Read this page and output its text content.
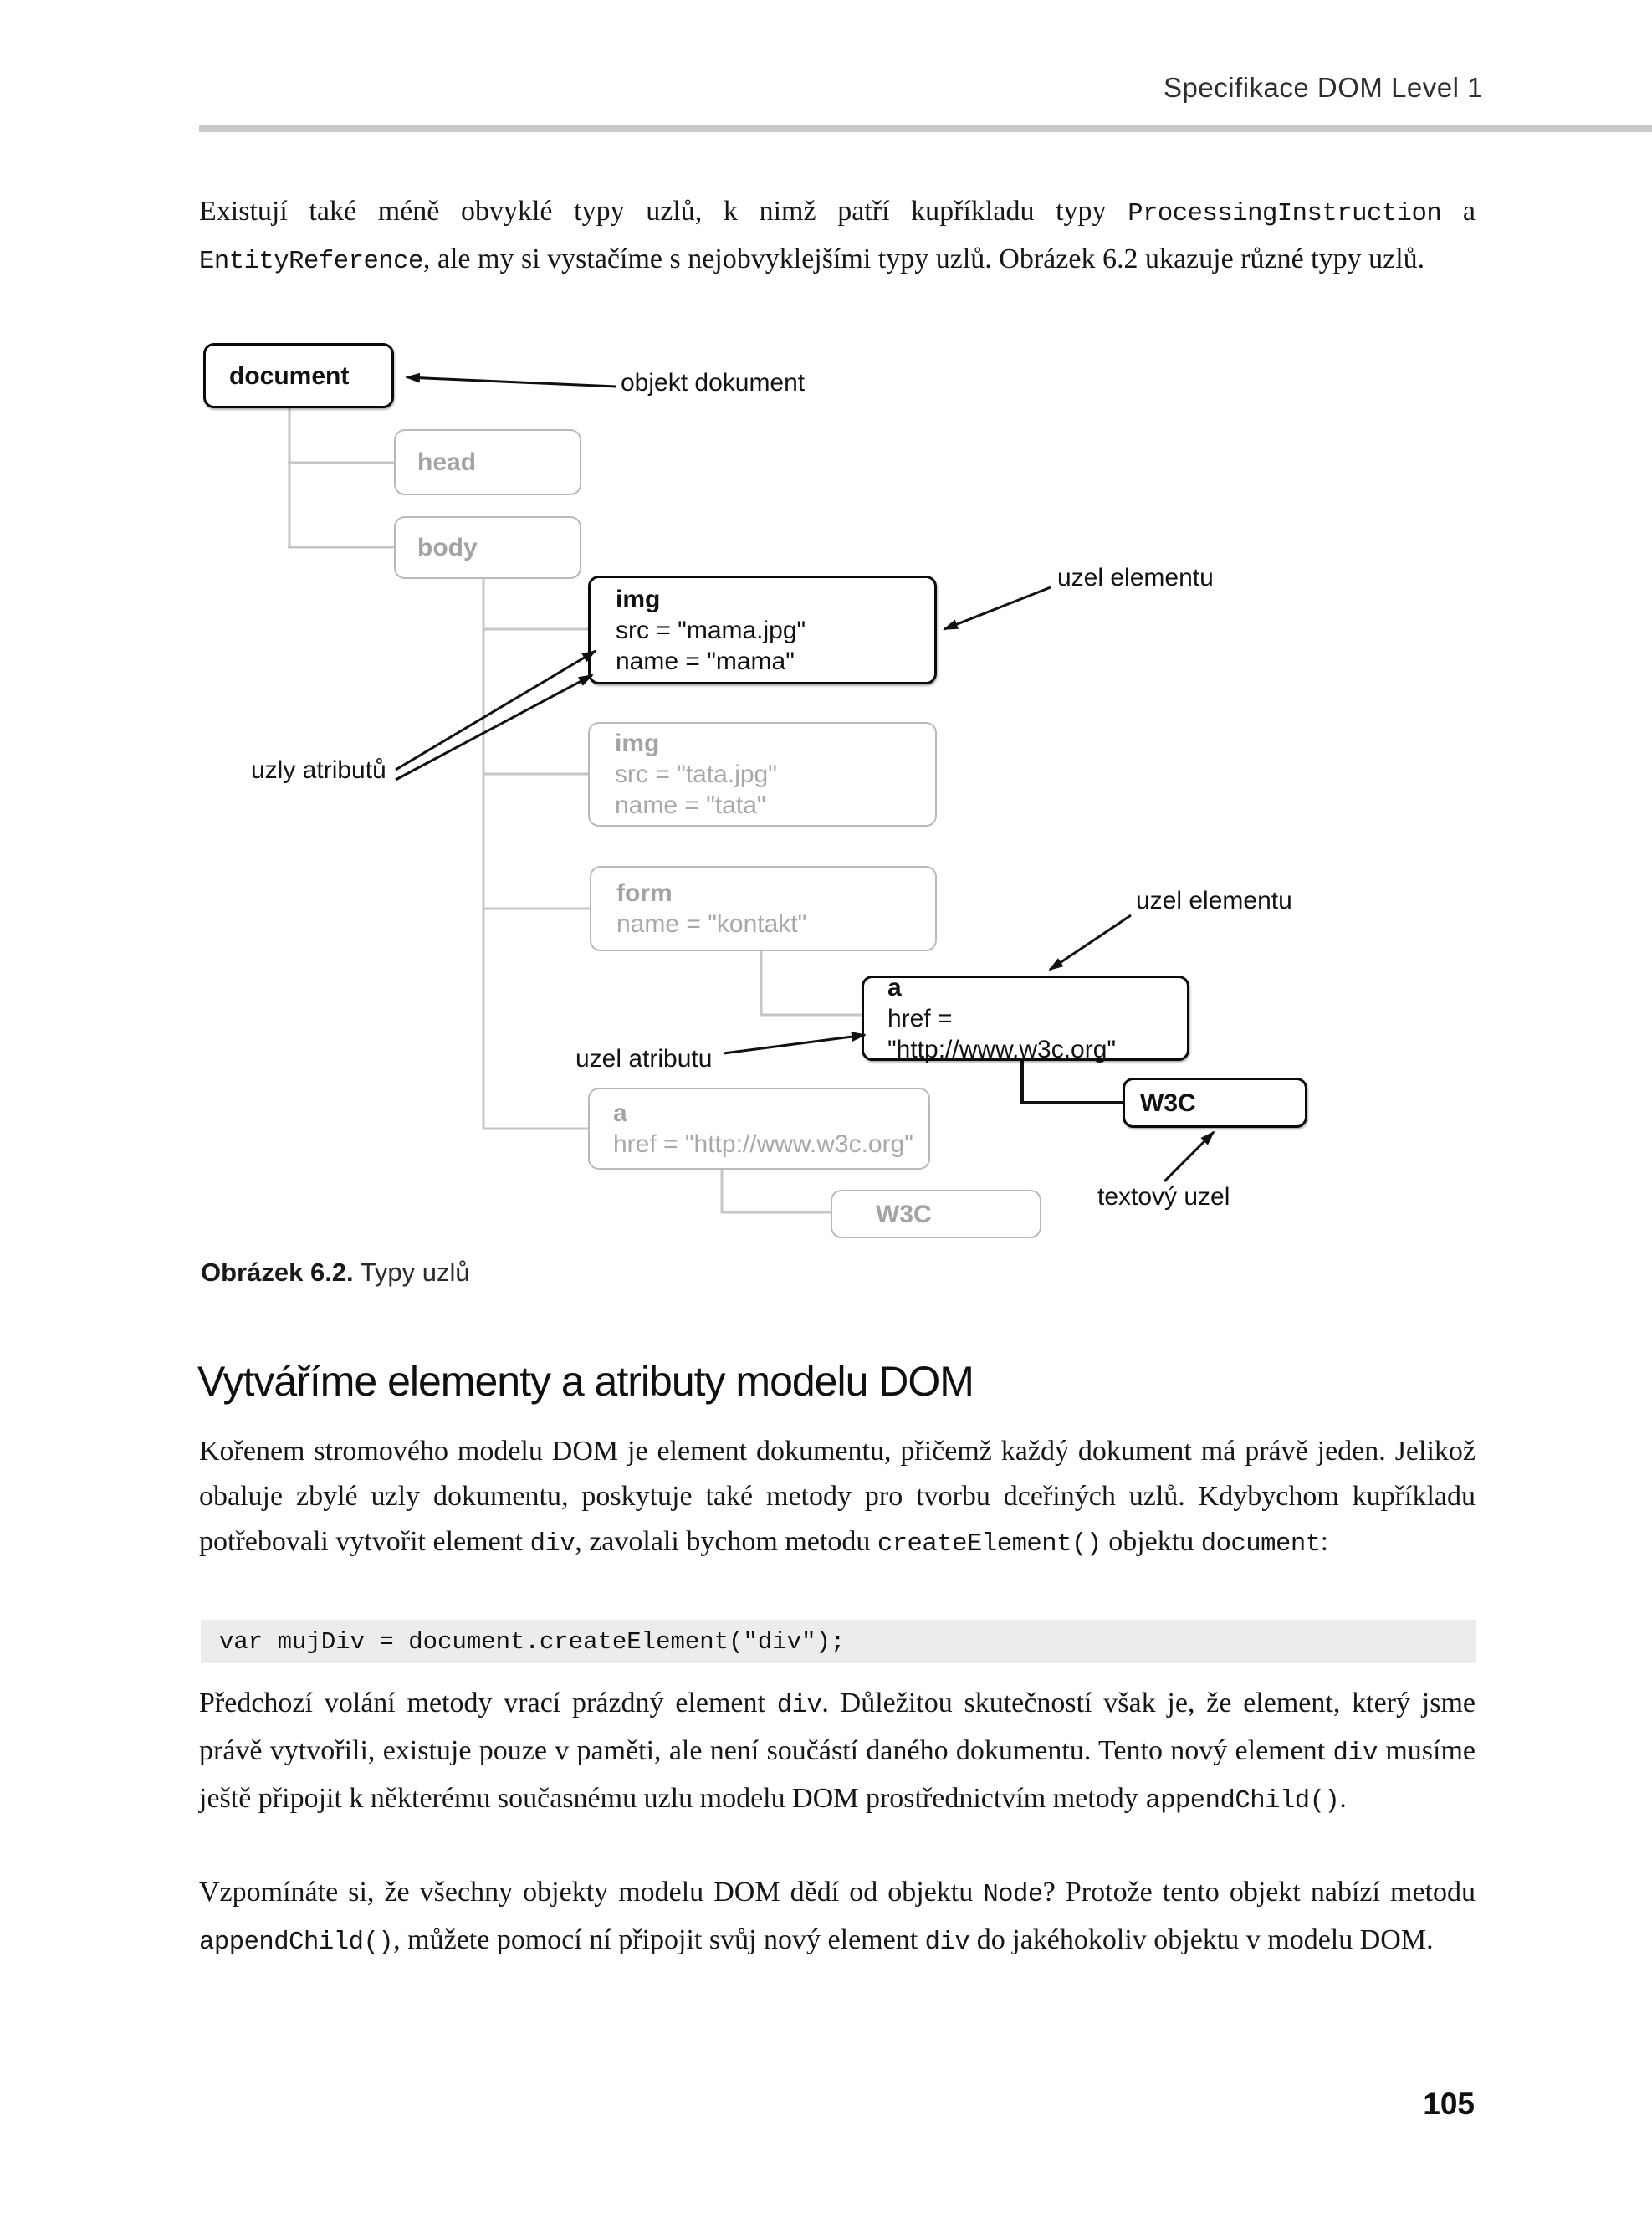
Specifikace DOM Level 1
Existují také méně obvyklé typy uzlů, k nimž patří kupříkladu typy ProcessingInstruction a EntityReference, ale my si vystačíme s nejobvyklejšími typy uzlů. Obrázek 6.2 ukazuje různé typy uzlů.
document
head
body
img
src = "mama.jpg"
name = "mama"
img
src = "tata.jpg"
name = "tata"
form
name = "kontakt"
a
href = "http://www.w3c.org"
W3C
a
href = "http://www.w3c.org"
W3C
objekt dokument
uzel elementu
uzly atributů
uzel elementu
uzel atributu
textový uzel
Obrázek 6.2. Typy uzlů
Vytváříme elementy a atributy modelu DOM
Kořenem stromového modelu DOM je element dokumentu, přičemž každý dokument má právě jeden. Jelikož obaluje zbylé uzly dokumentu, poskytuje také metody pro tvorbu dceřiných uzlů. Kdybychom kupříkladu potřebovali vytvořit element div, zavolali bychom metodu createElement() objektu document:
var mujDiv = document.createElement("div");
Předchozí volání metody vrací prázdný element div. Důležitou skutečností však je, že element, který jsme právě vytvořili, existuje pouze v paměti, ale není součástí daného dokumentu. Tento nový element div musíme ještě připojit k některému současnému uzlu modelu DOM prostřednictvím metody appendChild().
Vzpomínáte si, že všechny objekty modelu DOM dědí od objektu Node? Protože tento objekt nabízí metodu appendChild(), můžete pomocí ní připojit svůj nový element div do jakéhokoliv objektu v modelu DOM.
105
